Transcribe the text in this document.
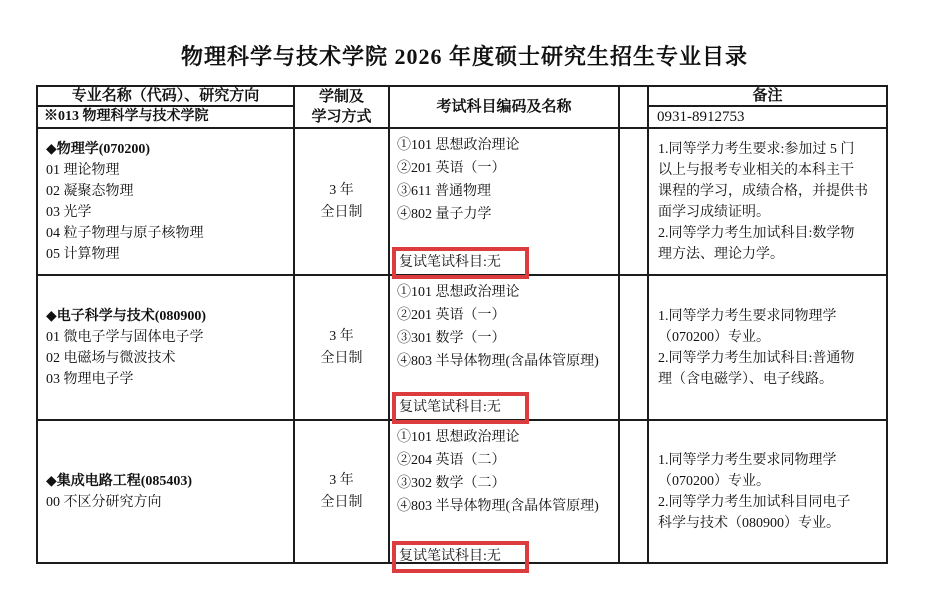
物理科学与技术学院 2026 年度硕士研究生招生专业目录
专业名称（代码）、研究方向
※013 物理科学与技术学院
学制及
学习方式
考试科目编码及名称
备注
0931-8912753
◆物理学(070200)
01 理论物理
02 凝聚态物理
03 光学
04 粒子物理与原子核物理
05 计算物理
3 年
全日制
①101 思想政治理论
②201 英语（一）
③611 普通物理
④802 量子力学
复试笔试科目:无
1.同等学力考生要求:参加过 5 门
以上与报考专业相关的本科主干
课程的学习，成绩合格，并提供书
面学习成绩证明。
2.同等学力考生加试科目:数学物
理方法、理论力学。
◆电子科学与技术(080900)
01 微电子学与固体电子学
02 电磁场与微波技术
03 物理电子学
3 年
全日制
①101 思想政治理论
②201 英语（一）
③301 数学（一）
④803 半导体物理(含晶体管原理)
复试笔试科目:无
1.同等学力考生要求同物理学
（070200）专业。
2.同等学力考生加试科目:普通物
理（含电磁学）、电子线路。
◆集成电路工程(085403)
00 不区分研究方向
3 年
全日制
①101 思想政治理论
②204 英语（二）
③302 数学（二）
④803 半导体物理(含晶体管原理)
复试笔试科目:无
1.同等学力考生要求同物理学
（070200）专业。
2.同等学力考生加试科目同电子
科学与技术（080900）专业。
